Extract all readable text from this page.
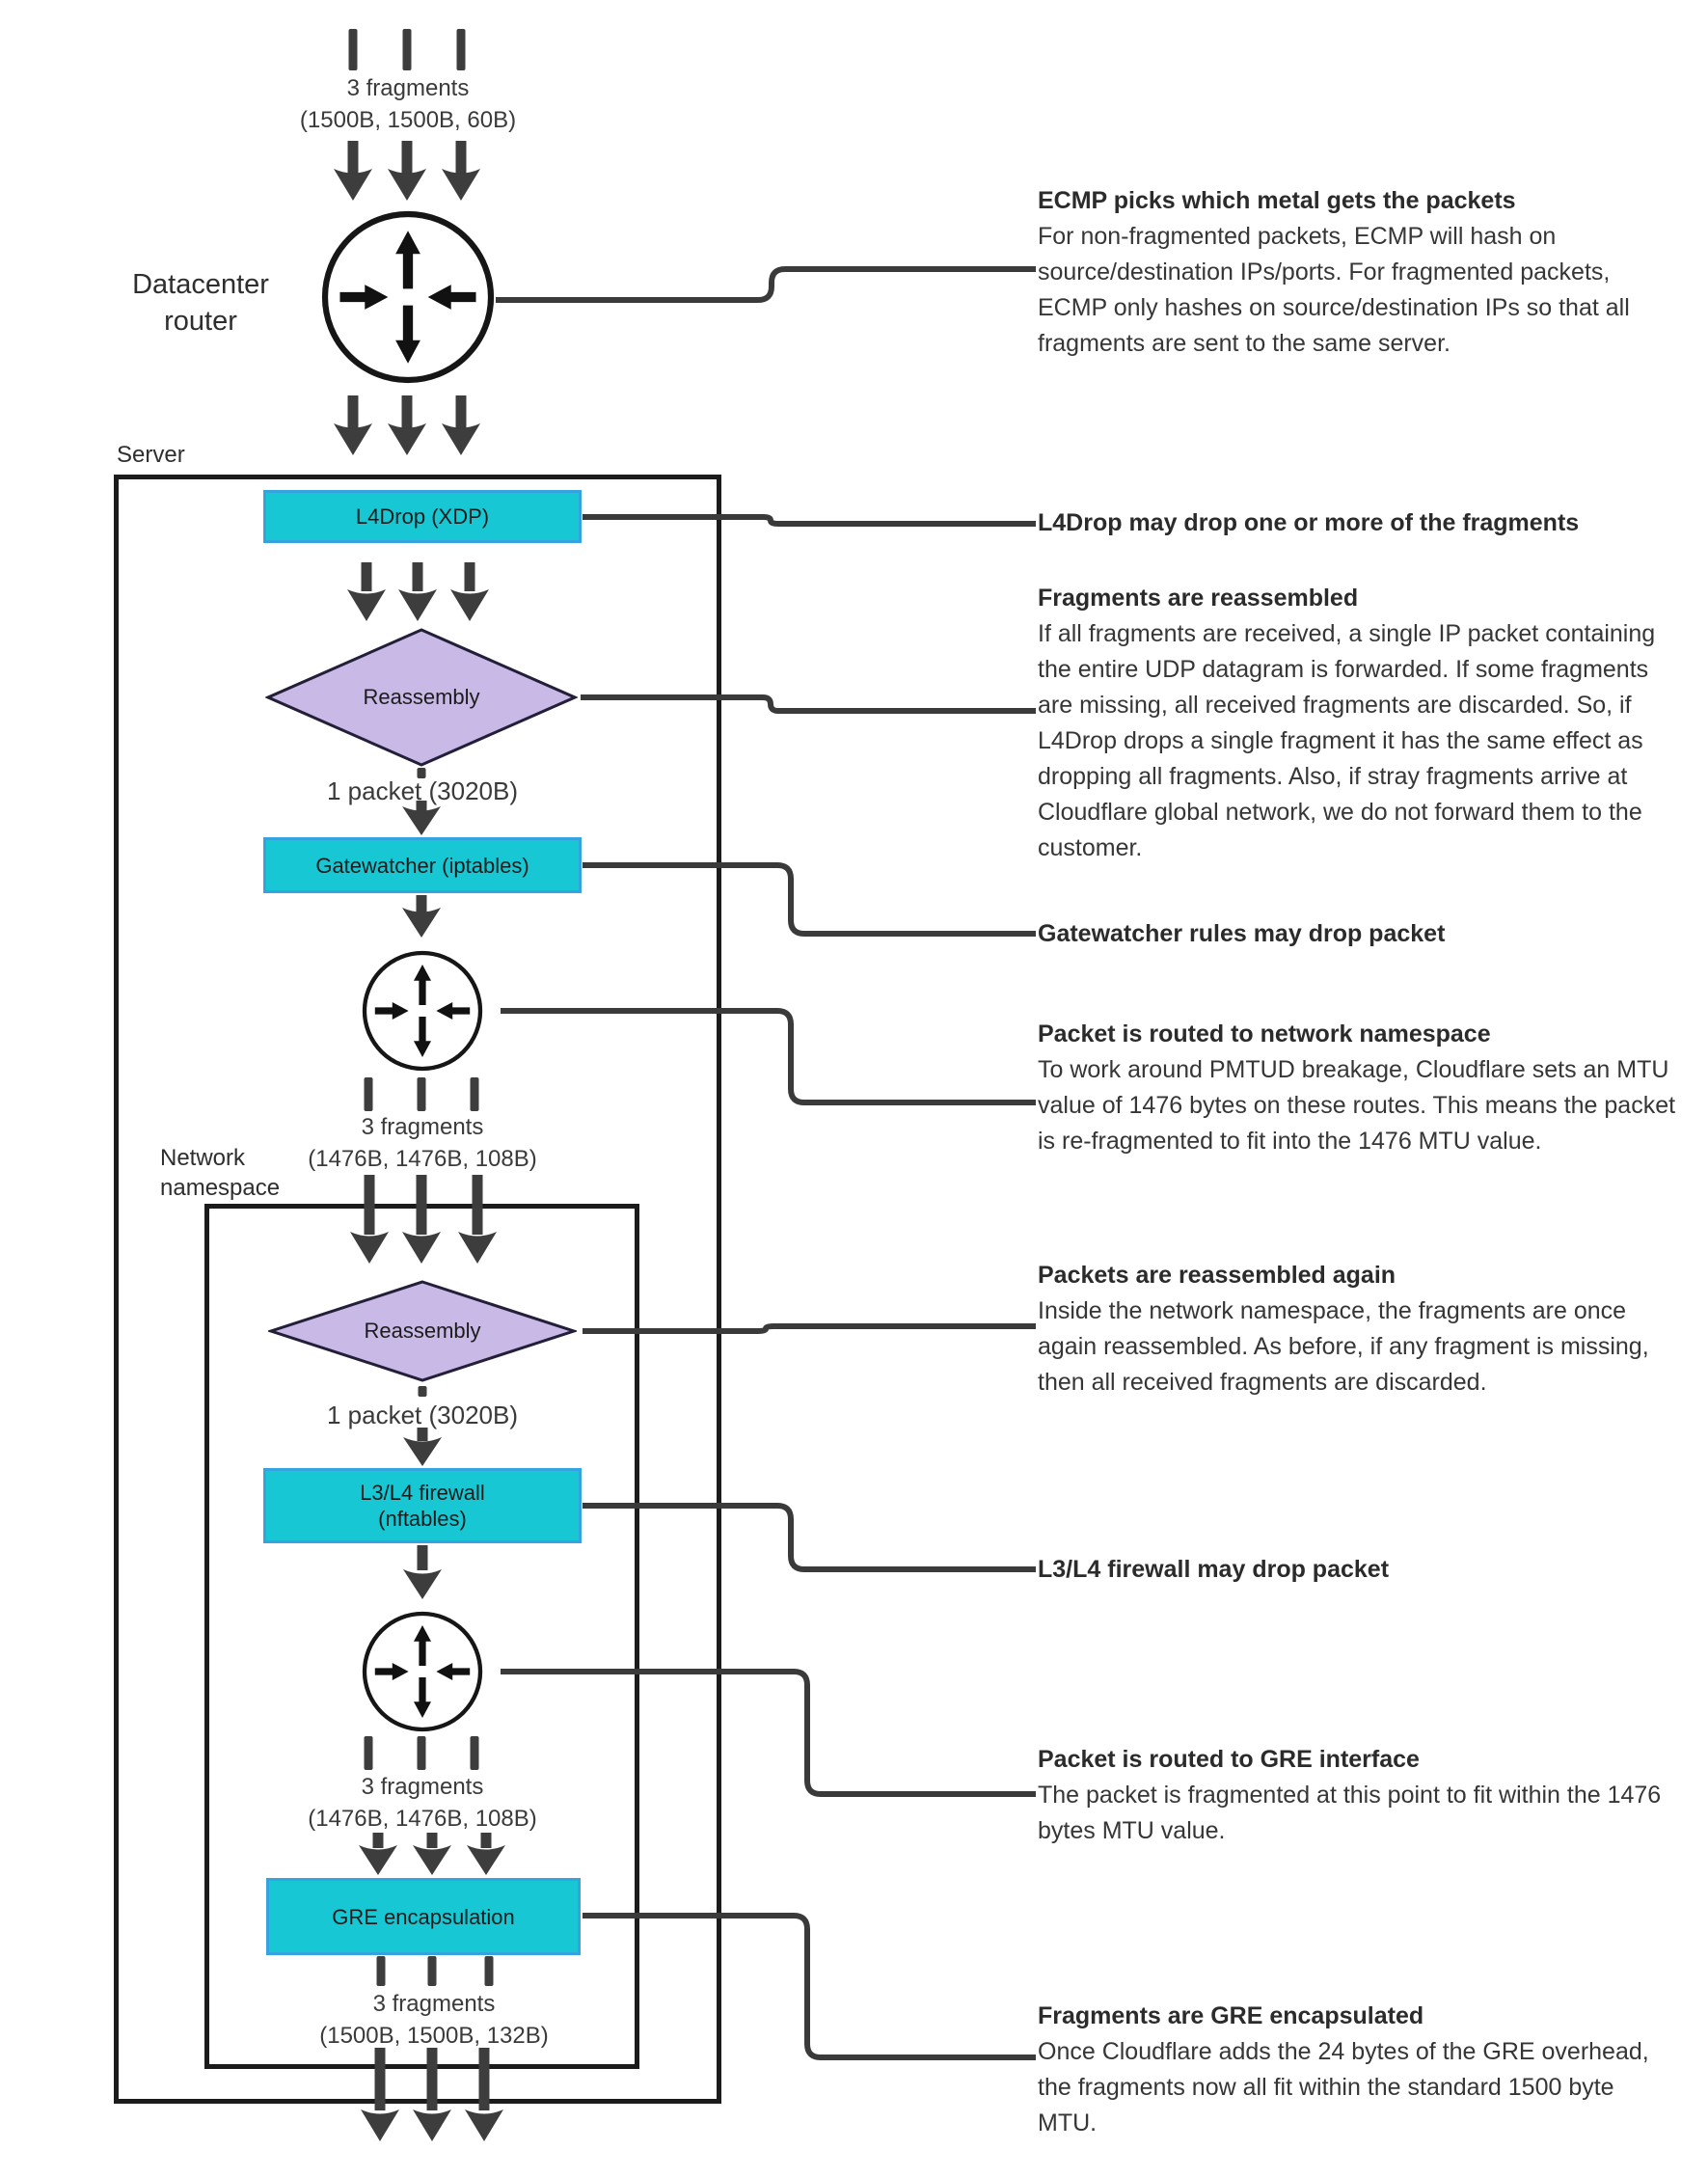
3 fragments
(1500B, 1500B, 60B)
Datacenter
router
Server
L4Drop (XDP)
Reassembly
1 packet (3020B)
Gatewatcher (iptables)
3 fragments
(1476B, 1476B, 108B)
Network
namespace
Reassembly
1 packet (3020B)
L3/L4 firewall
(nftables)
3 fragments
(1476B, 1476B, 108B)
GRE encapsulation
3 fragments
(1500B, 1500B, 132B)
ECMP picks which metal gets the packets

For non-fragmented packets, ECMP will hash on source/destination IPs/ports. For fragmented packets, ECMP only hashes on source/destination IPs so that all fragments are sent to the same server.

L4Drop may drop one or more of the fragments
Fragments are reassembled

If all fragments are received, a single IP packet containing the entire UDP datagram is forwarded. If some fragments are missing, all received fragments are discarded. So, if L4Drop drops a single fragment it has the same effect as dropping all fragments. Also, if stray fragments arrive at Cloudflare global network, we do not forward them to the customer.

Gatewatcher rules may drop packet
Packet is routed to network namespace

To work around PMTUD breakage, Cloudflare sets an MTU value of 1476 bytes on these routes. This means the packet is re-fragmented to fit into the 1476 MTU value.

Packets are reassembled again

Inside the network namespace, the fragments are once again reassembled. As before, if any fragment is missing, then all received fragments are discarded.

L3/L4 firewall may drop packet
Packet is routed to GRE interface

The packet is fragmented at this point to fit within the 1476 bytes MTU value.

Fragments are GRE encapsulated

Once Cloudflare adds the 24 bytes of the GRE overhead, the fragments now all fit within the standard 1500 byte MTU.
